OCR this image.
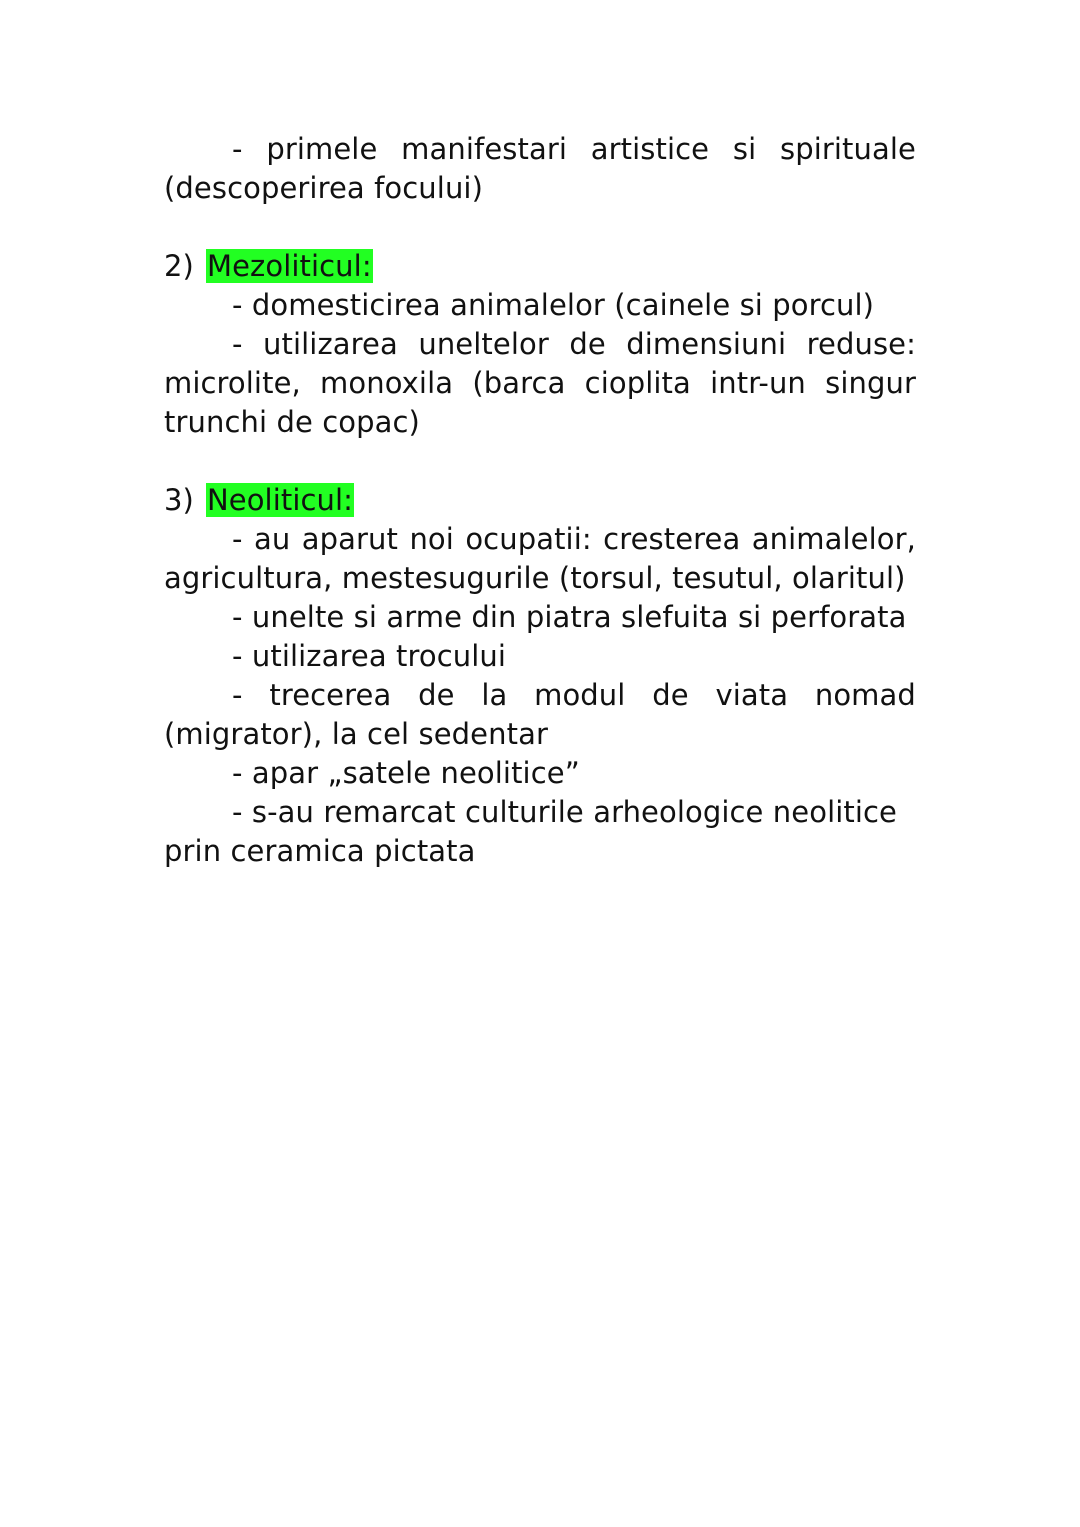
- primele manifestari artistice si spirituale
(descoperirea focului)
2) Mezoliticul:
- domesticirea animalelor (cainele si porcul)
- utilizarea uneltelor de dimensiuni reduse:
microlite, monoxila (barca cioplita intr-un singur
trunchi de copac)
3) Neoliticul:
- au aparut noi ocupatii: cresterea animalelor,
agricultura, mestesugurile (torsul, tesutul, olaritul)
- unelte si arme din piatra slefuita si perforata
- utilizarea trocului
- trecerea de la modul de viata nomad
(migrator), la cel sedentar
- apar „satele neolitice”
- s-au remarcat culturile arheologice neolitice
prin ceramica pictata
